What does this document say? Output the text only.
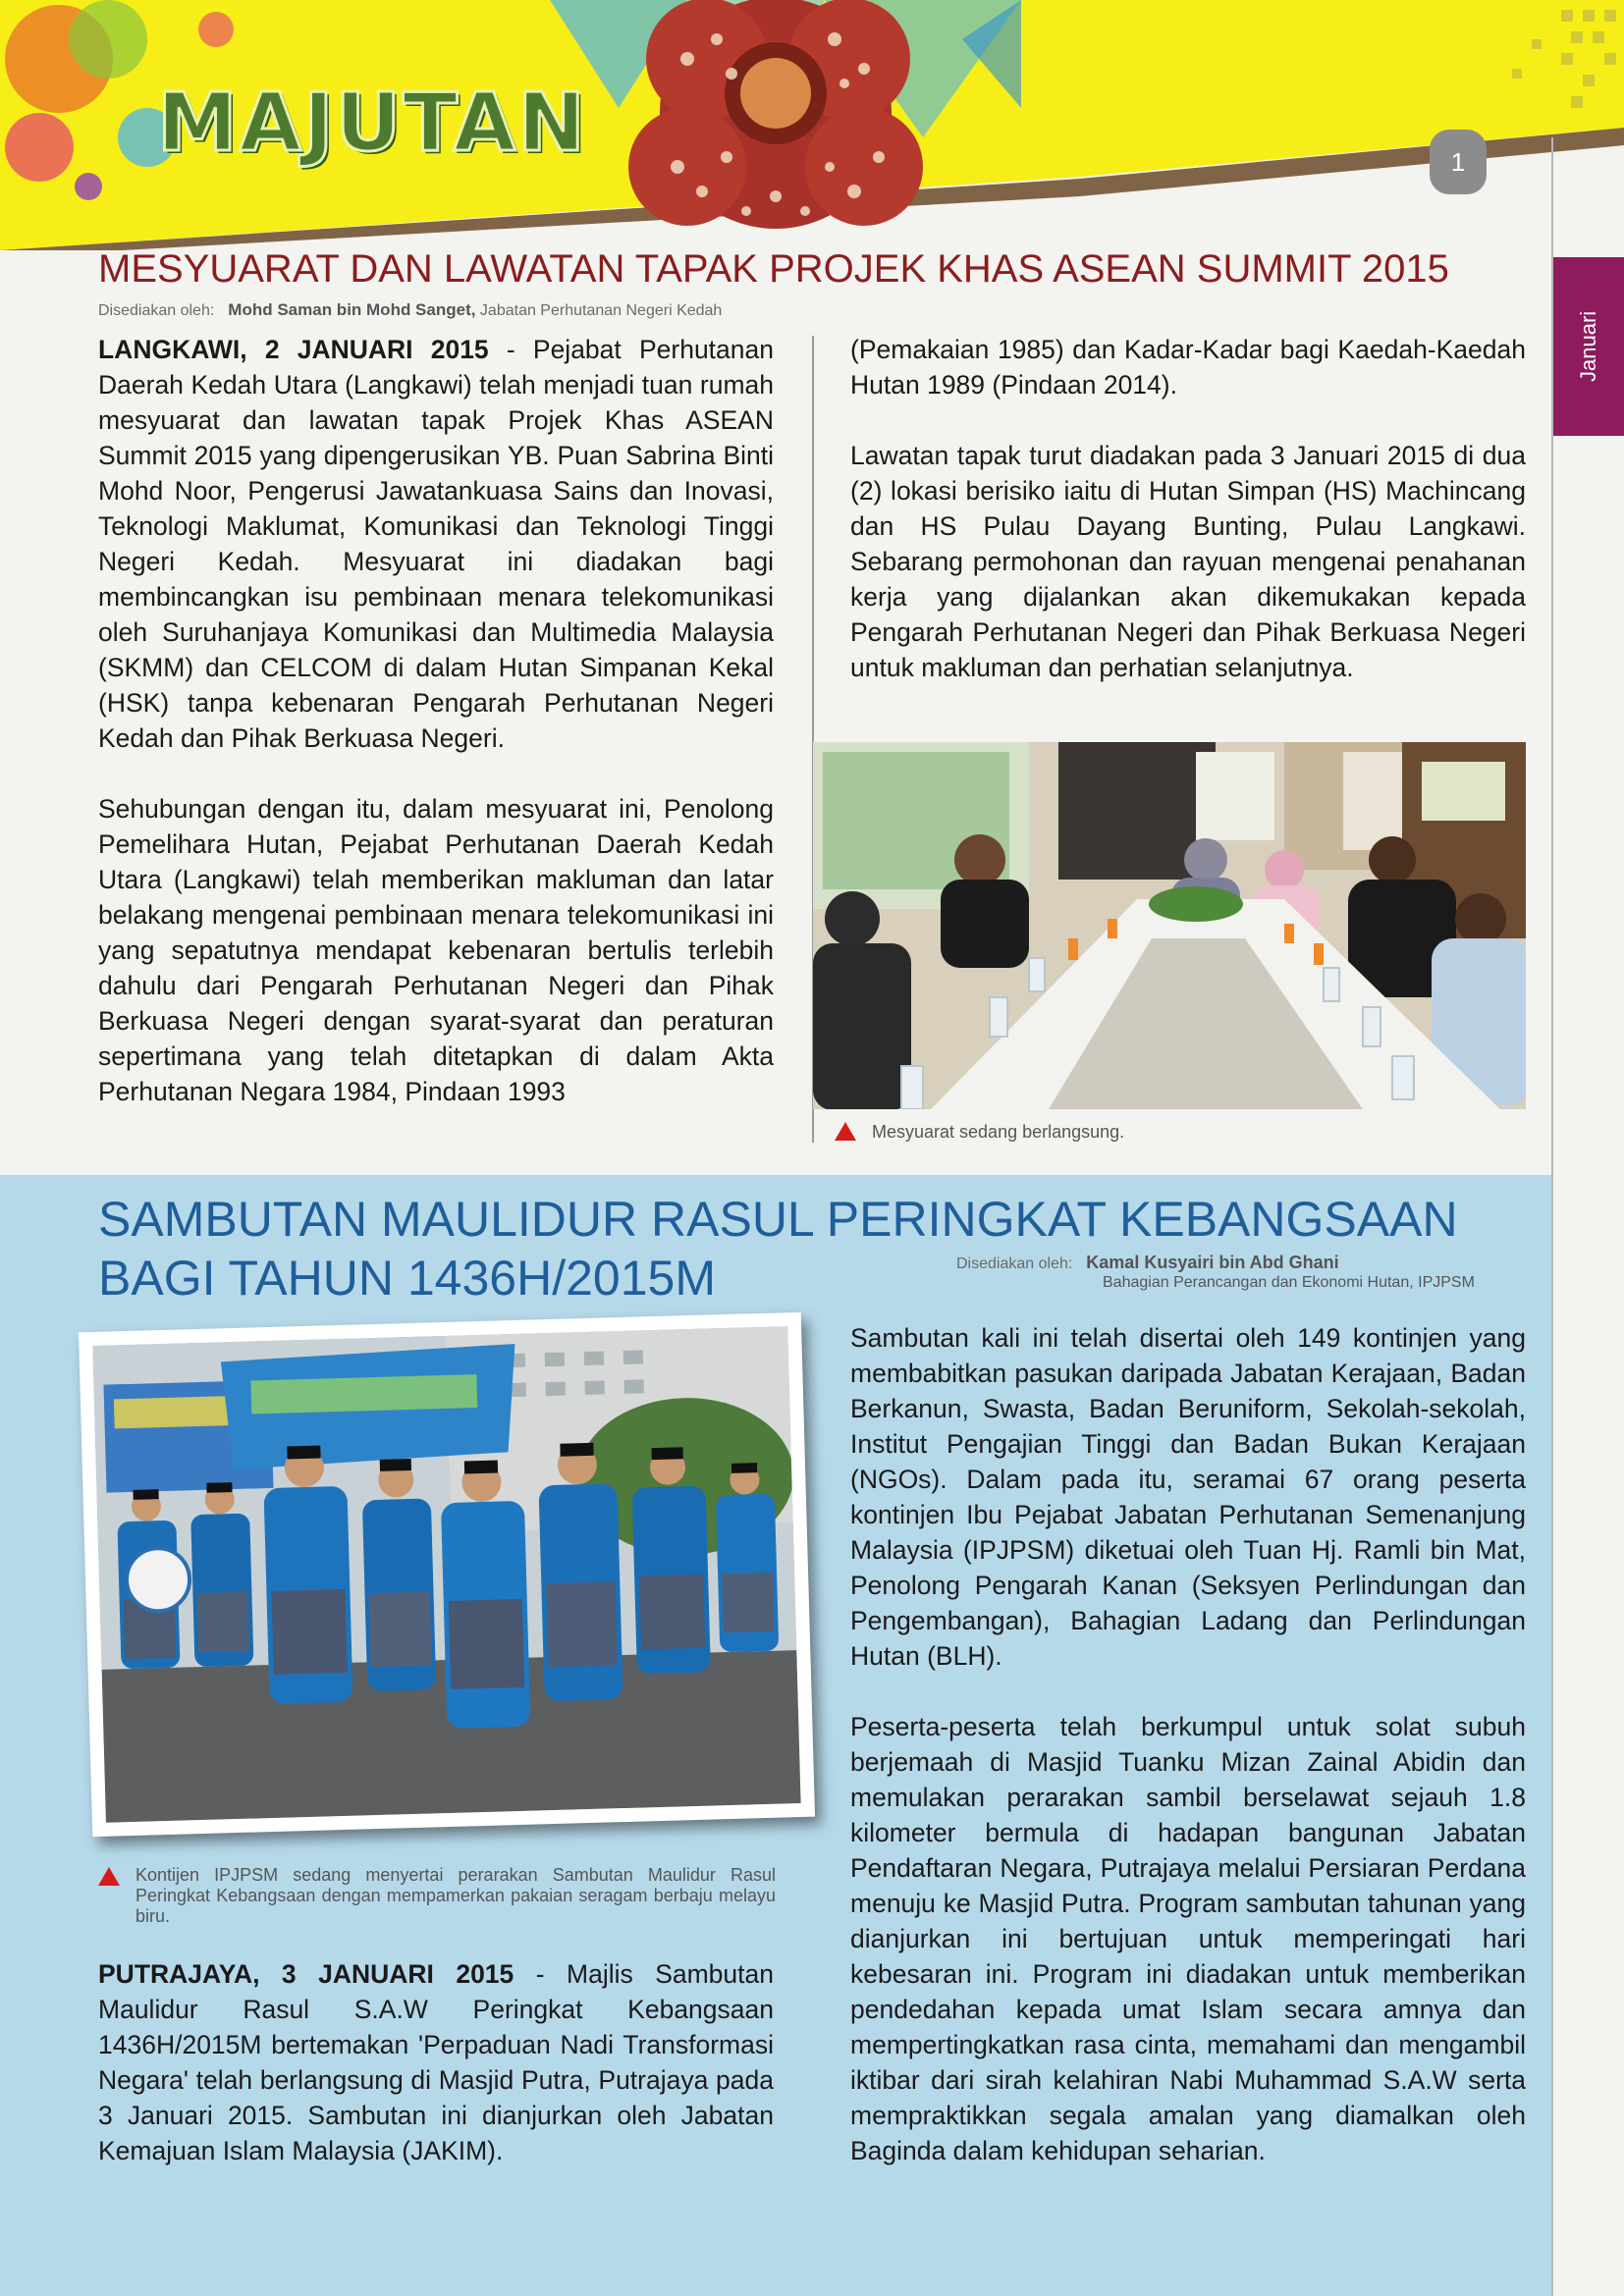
MAJUTAN	1
Januari
MESYUARAT DAN LAWATAN TAPAK PROJEK KHAS ASEAN SUMMIT 2015
Disediakan oleh: Mohd Saman bin Mohd Sanget, Jabatan Perhutanan Negeri Kedah

LANGKAWI, 2 JANUARI 2015 - Pejabat Perhutanan Daerah Kedah Utara (Langkawi) telah menjadi tuan rumah mesyuarat dan lawatan tapak Projek Khas ASEAN Summit 2015 yang dipengerusikan YB. Puan Sabrina Binti Mohd Noor, Pengerusi Jawatankuasa Sains dan Inovasi, Teknologi Maklumat, Komunikasi dan Teknologi Tinggi Negeri Kedah. Mesyuarat ini diadakan bagi membincangkan isu pembinaan menara telekomunikasi oleh Suruhanjaya Komunikasi dan Multimedia Malaysia (SKMM) dan CELCOM di dalam Hutan Simpanan Kekal (HSK) tanpa kebenaran Pengarah Perhutanan Negeri Kedah dan Pihak Berkuasa Negeri.

Sehubungan dengan itu, dalam mesyuarat ini, Penolong Pemelihara Hutan, Pejabat Perhutanan Daerah Kedah Utara (Langkawi) telah memberikan makluman dan latar belakang mengenai pembinaan menara telekomunikasi ini yang sepatutnya mendapat kebenaran bertulis terlebih dahulu dari Pengarah Perhutanan Negeri dan Pihak Berkuasa Negeri dengan syarat-syarat dan peraturan sepertimana yang telah ditetapkan di dalam Akta Perhutanan Negara 1984, Pindaan 1993

(Pemakaian 1985) dan Kadar-Kadar bagi Kaedah-Kaedah Hutan 1989 (Pindaan 2014).

Lawatan tapak turut diadakan pada 3 Januari 2015 di dua (2) lokasi berisiko iaitu di Hutan Simpan (HS) Machincang dan HS Pulau Dayang Bunting, Pulau Langkawi. Sebarang permohonan dan rayuan mengenai penahanan kerja yang dijalankan akan dikemukakan kepada Pengarah Perhutanan Negeri dan Pihak Berkuasa Negeri untuk makluman dan perhatian selanjutnya.

Mesyuarat sedang berlangsung.
SAMBUTAN MAULIDUR RASUL PERINGKAT KEBANGSAAN
BAGI TAHUN 1436H/2015M	Disediakan oleh: Kamal Kusyairi bin Abd Ghani
Bahagian Perancangan dan Ekonomi Hutan, IPJPSM
Kontijen IPJPSM sedang menyertai perarakan Sambutan Maulidur Rasul Peringkat Kebangsaan dengan mempamerkan pakaian seragam berbaju melayu biru.

PUTRAJAYA, 3 JANUARI 2015 - Majlis Sambutan Maulidur Rasul S.A.W Peringkat Kebangsaan 1436H/2015M bertemakan 'Perpaduan Nadi Transformasi Negara' telah berlangsung di Masjid Putra, Putrajaya pada 3 Januari 2015. Sambutan ini dianjurkan oleh Jabatan Kemajuan Islam Malaysia (JAKIM).

Sambutan kali ini telah disertai oleh 149 kontinjen yang membabitkan pasukan daripada Jabatan Kerajaan, Badan Berkanun, Swasta, Badan Beruniform, Sekolah-sekolah, Institut Pengajian Tinggi dan Badan Bukan Kerajaan (NGOs). Dalam pada itu, seramai 67 orang peserta kontinjen Ibu Pejabat Jabatan Perhutanan Semenanjung Malaysia (IPJPSM) diketuai oleh Tuan Hj. Ramli bin Mat, Penolong Pengarah Kanan (Seksyen Perlindungan dan Pengembangan), Bahagian Ladang dan Perlindungan Hutan (BLH).

Peserta-peserta telah berkumpul untuk solat subuh berjemaah di Masjid Tuanku Mizan Zainal Abidin dan memulakan perarakan sambil berselawat sejauh 1.8 kilometer bermula di hadapan bangunan Jabatan Pendaftaran Negara, Putrajaya melalui Persiaran Perdana menuju ke Masjid Putra. Program sambutan tahunan yang dianjurkan ini bertujuan untuk memperingati hari kebesaran ini. Program ini diadakan untuk memberikan pendedahan kepada umat Islam secara amnya dan mempertingkatkan rasa cinta, memahami dan mengambil iktibar dari sirah kelahiran Nabi Muhammad S.A.W serta mempraktikkan segala amalan yang diamalkan oleh Baginda dalam kehidupan seharian.
